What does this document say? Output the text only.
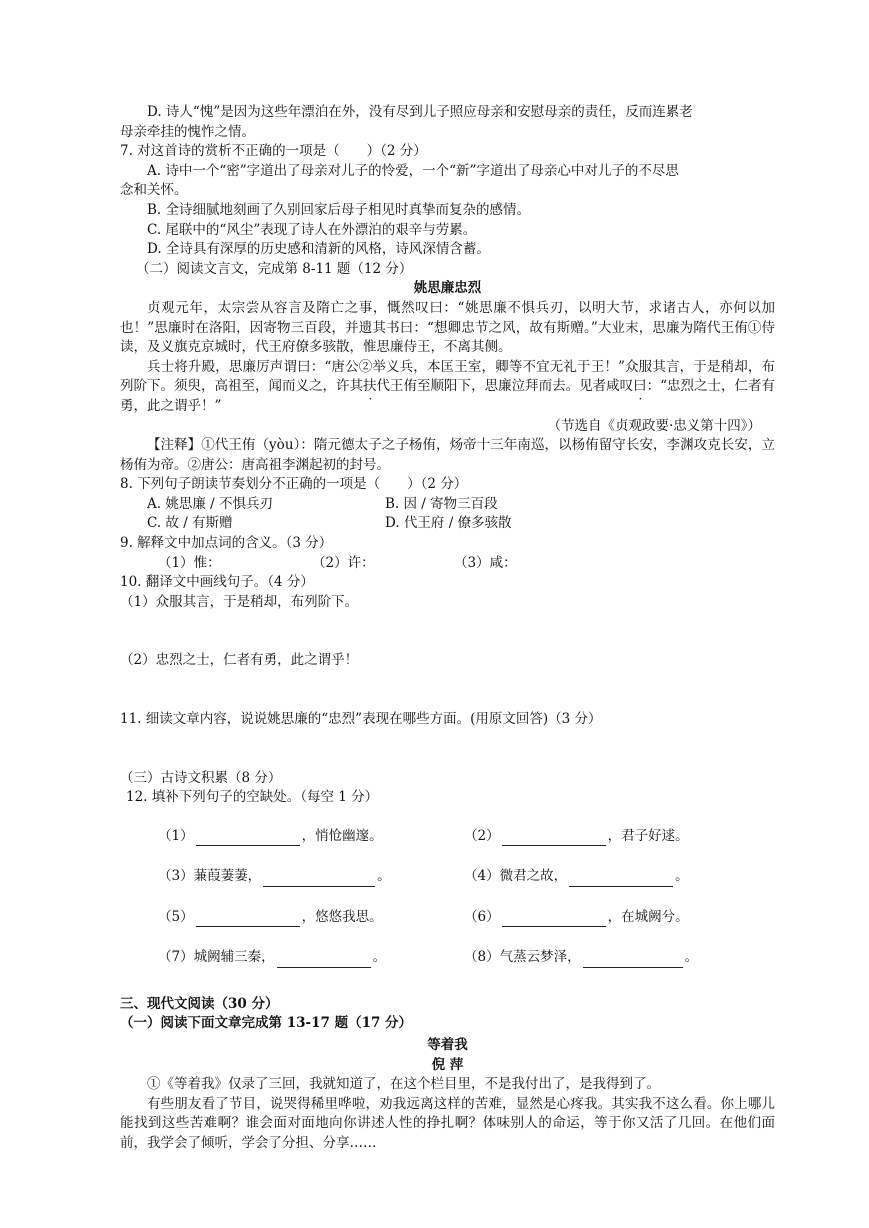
D. 诗人“愧”是因为这些年漂泊在外，没有尽到儿子照应母亲和安慰母亲的责任，反而连累老

母亲牵挂的愧怍之情。

7. 对这首诗的赏析不正确的一项是（　　）（2 分）

A. 诗中一个“密”字道出了母亲对儿子的怜爱，一个“新”字道出了母亲心中对儿子的不尽思

念和关怀。

B. 全诗细腻地刻画了久别回家后母子相见时真挚而复杂的感情。

C. 尾联中的“风尘”表现了诗人在外漂泊的艰辛与劳累。

D. 全诗具有深厚的历史感和清新的风格，诗风深情含蓄。

（二）阅读文言文，完成第 8-11 题（12 分）

姚思廉忠烈

贞观元年，太宗尝从容言及隋亡之事，慨然叹曰：“姚思廉不惧兵刃，以明大节，求诸古人，亦何以加也！”思廉时在洛阳，因寄物三百段，并遗其书曰：“想卿忠节之风，故有斯赠。”大业末，思廉为隋代王侑①侍读，及义旗克京城时，代王府僚多骇散，惟思廉侍王，不离其侧。

兵士将升殿，思廉厉声谓曰：“唐公②举义兵，本匡王室，卿等不宜无礼于王！”众服其言，于是稍却，布列阶下。须臾，高祖至，闻而义之，许 ·其扶代王侑至顺阳下，思廉泣拜而去。见者咸 ·叹曰：“忠烈之士，仁者有勇，此之谓乎！”

（节选自《贞观政要·忠义第十四》）

【注释】①代王侑（yòu）：隋元德太子之子杨侑，炀帝十三年南巡，以杨侑留守长安，李渊攻克长安，立杨侑为帝。②唐公：唐高祖李渊起初的封号。

8. 下列句子朗读节奏划分不正确的一项是（　　）（2 分）

A. 姚思廉 / 不惧兵刃	B. 因 / 寄物三百段
C. 故 / 有斯赠	D. 代王府 / 僚多骇散

9. 解释文中加点词的含义。（3 分）

（1）惟：	（2）许：	（3）咸：

10. 翻译文中画线句子。（4 分）

（1）众服其言，于是稍却，布列阶下。

（2）忠烈之士，仁者有勇，此之谓乎！

11. 细读文章内容，说说姚思廉的“忠烈”表现在哪些方面。(用原文回答)（3 分）

（三）古诗文积累（8 分）

12. 填补下列句子的空缺处。（每空 1 分）

（1）	，悄怆幽邃。	（2）	，君子好逑。
（3） 蒹葭萋萋，	。	（4） 微君之故，	。
（5）	，悠悠我思。	（6）	，在城阙兮。
（7） 城阙辅三秦，	。	（8） 气蒸云梦泽，	。

三、现代文阅读（30 分）

（一）阅读下面文章完成第 13-17 题（17 分）

等着我

倪 萍

①《等着我》仅录了三回，我就知道了，在这个栏目里，不是我付出了，是我得到了。

有些朋友看了节目，说哭得稀里哗啦，劝我远离这样的苦难，显然是心疼我。其实我不这么看。你上哪儿能找到这些苦难啊？谁会面对面地向你讲述人性的挣扎啊？体味别人的命运，等于你又活了几回。在他们面前，我学会了倾听，学会了分担、分享……
